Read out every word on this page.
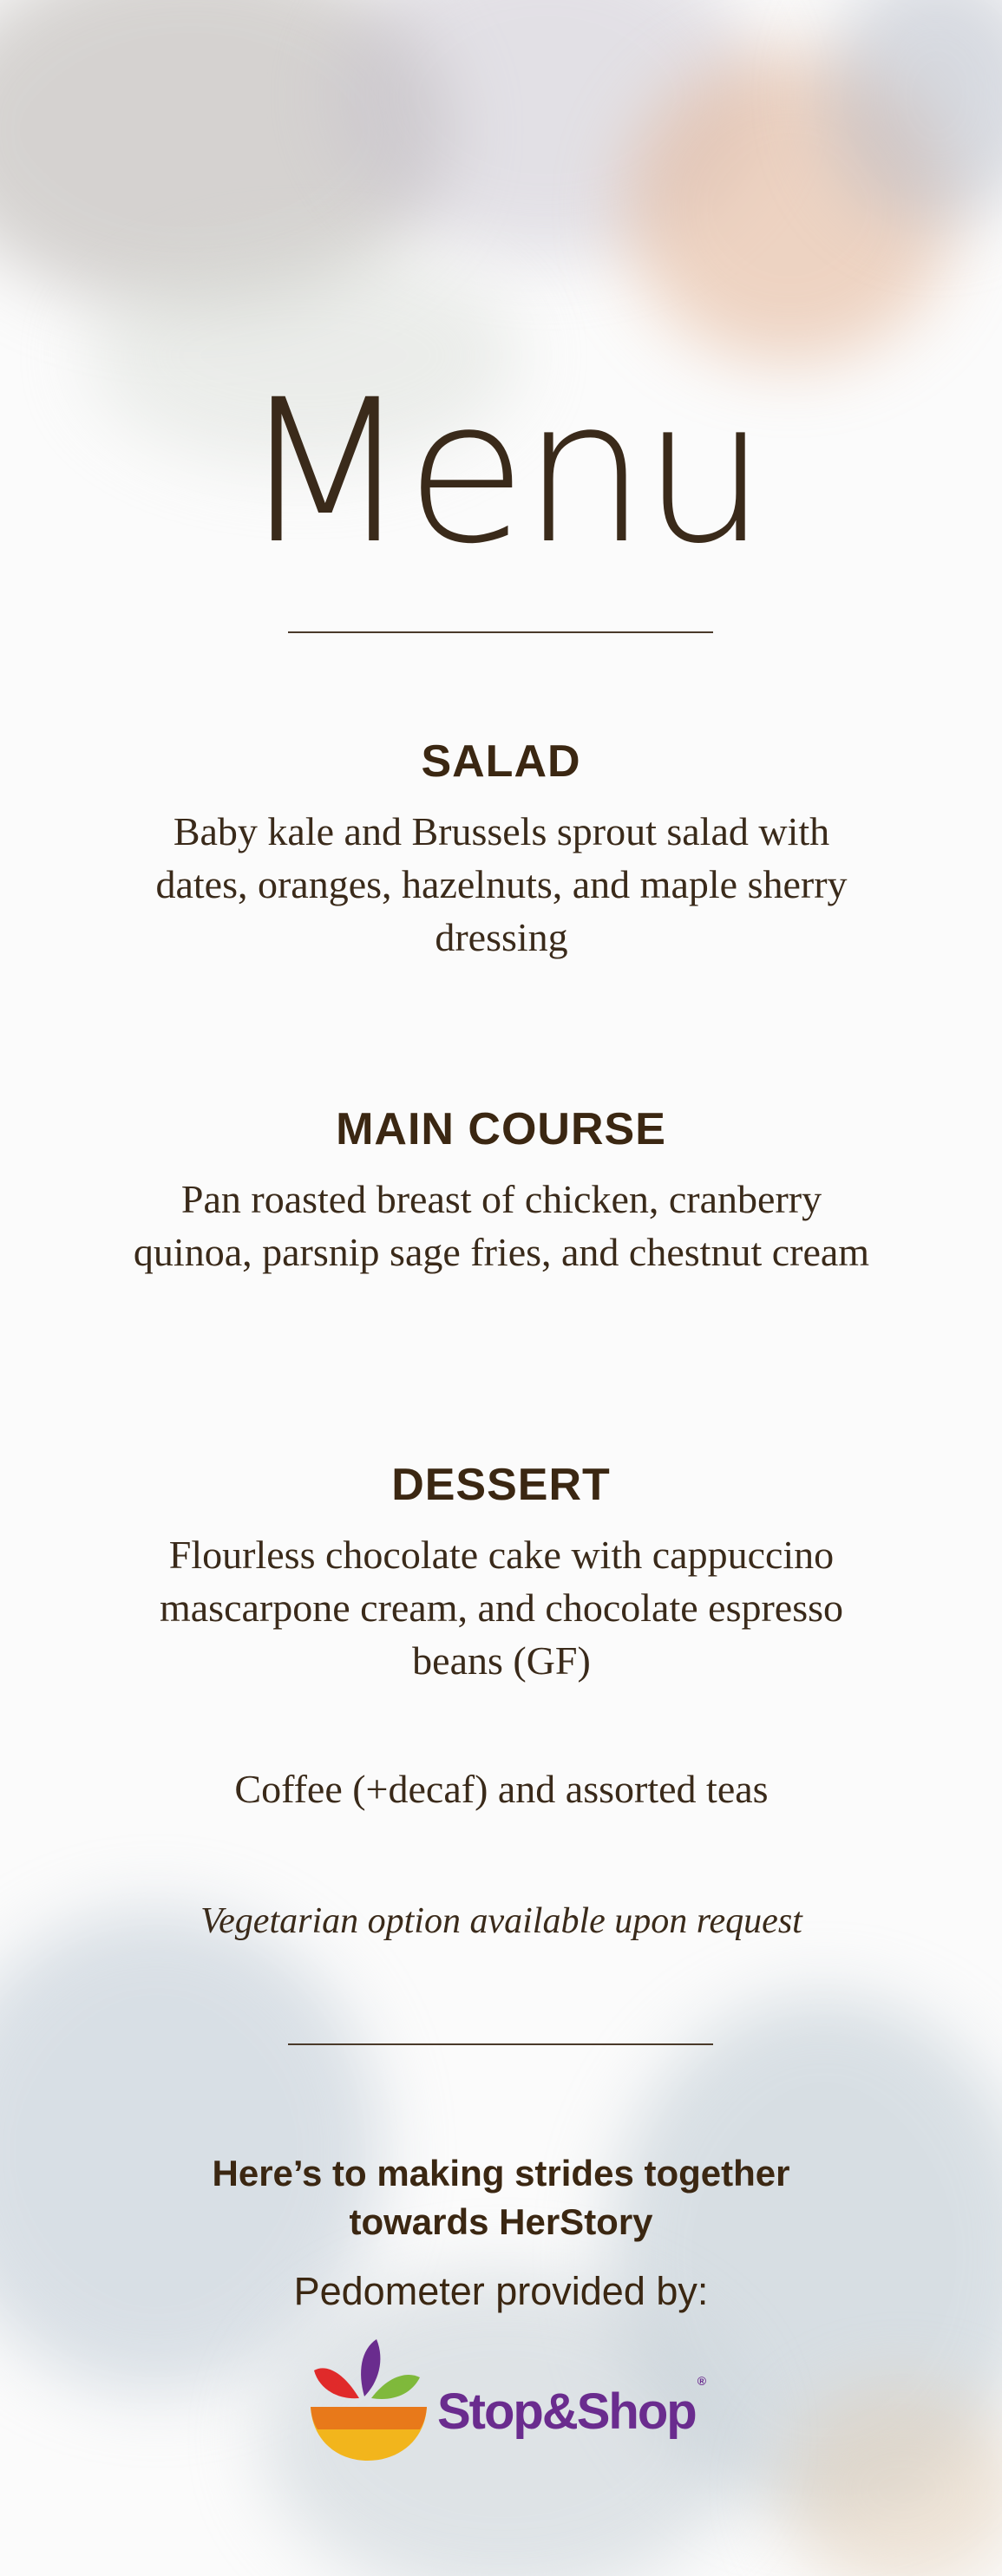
Menu
SALAD
Baby kale and Brussels sprout salad with dates, oranges, hazelnuts, and maple sherry dressing
MAIN COURSE
Pan roasted breast of chicken, cranberry quinoa, parsnip sage fries, and chestnut cream
DESSERT
Flourless chocolate cake with cappuccino mascarpone cream, and chocolate espresso beans (GF)
Coffee (+decaf) and assorted teas
Vegetarian option available upon request
Here’s to making strides together
towards HerStory
Pedometer provided by:
Stop&Shop®
